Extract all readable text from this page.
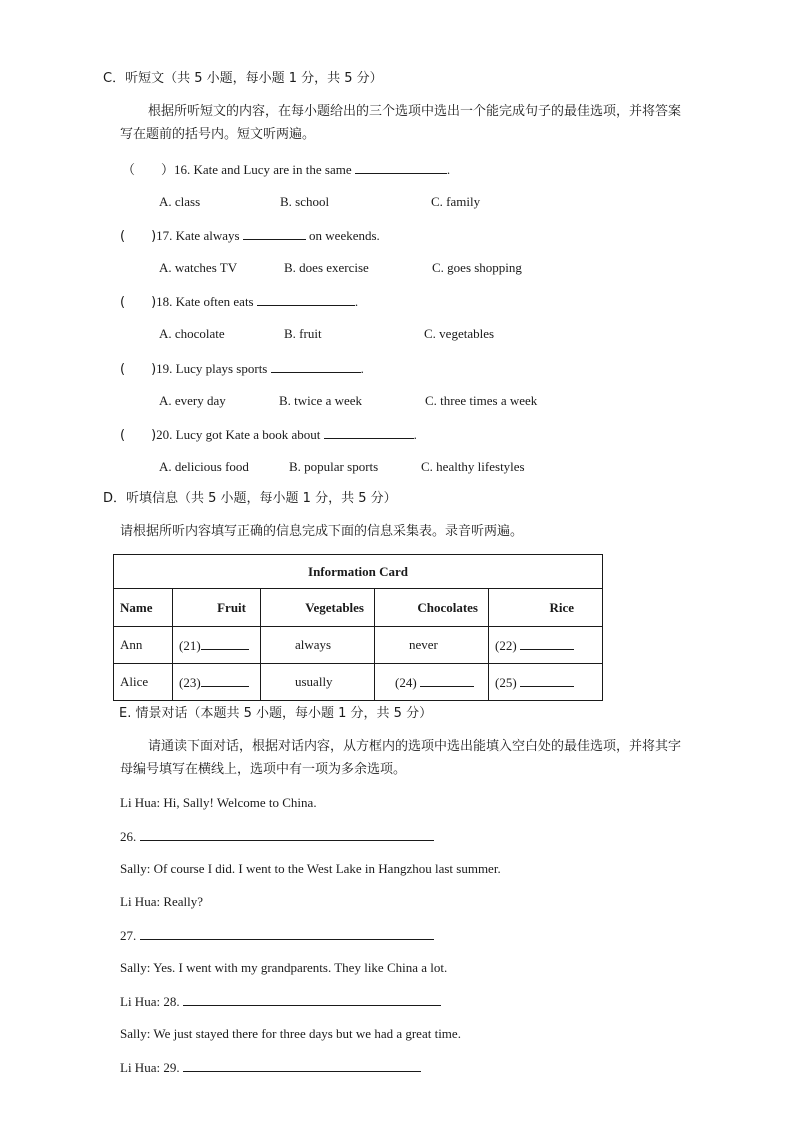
C．听短文（共 5 小题，每小题 1 分，共 5 分）
根据所听短文的内容，在每小题给出的三个选项中选出一个能完成句子的最佳选项，并将答案
写在题前的括号内。短文听两遍。
（　　）16. Kate and Lucy are in the same	.
A. class	B. school	C. family
(　　)17. Kate always	on weekends.
A. watches TV	B. does exercise	C. goes shopping
(　　)18. Kate often eats	.
A. chocolate	B. fruit	C. vegetables
(　　)19. Lucy plays sports	.
A. every day	B. twice a week	C. three times a week
(　　)20. Lucy got Kate a book about	.
A. delicious food	B. popular sports	C. healthy lifestyles
D．听填信息（共 5 小题，每小题 1 分，共 5 分）
请根据所听内容填写正确的信息完成下面的信息采集表。录音听两遍。
Information Card				
Name	Fruit	Vegetables	Chocolates	Rice
Ann	(21)	always	never	(22)
Alice	(23)	usually	(24)	(25)
E. 情景对话（本题共 5 小题，每小题 1 分，共 5 分）
请通读下面对话，根据对话内容，从方框内的选项中选出能填入空白处的最佳选项，并将其字
母编号填写在横线上，选项中有一项为多余选项。
Li Hua: Hi, Sally! Welcome to China.
26.
Sally: Of course I did. I went to the West Lake in Hangzhou last summer.
Li Hua: Really?
27.
Sally: Yes. I went with my grandparents. They like China a lot.
Li Hua: 28.
Sally: We just stayed there for three days but we had a great time.
Li Hua: 29.
